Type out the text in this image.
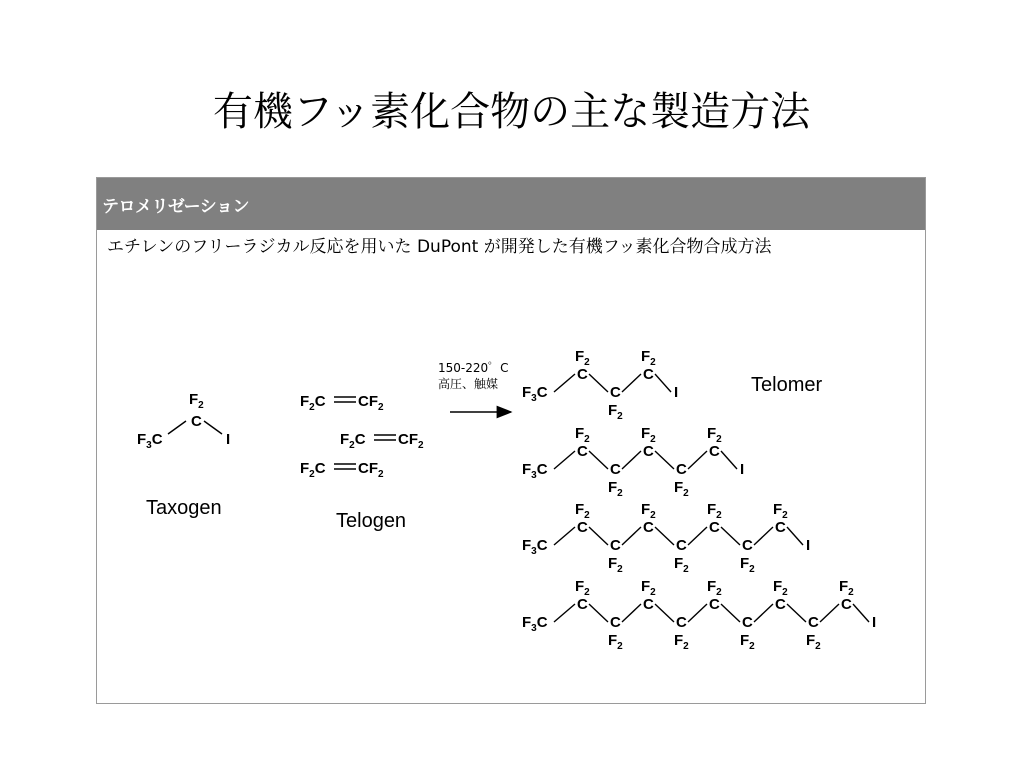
有機フッ素化合物の主な製造方法
テロメリゼーション
エチレンのフリーラジカル反応を用いた DuPont が開発した有機フッ素化合物合成方法
Taxogen
Telogen
Telomer
150-220゜C
高圧、触媒
$F_2$
C
$F_3C$	I
$F_2C$ $CF_2$
$F_2C$ $CF_2$
$F_2C$ $CF_2$
$F_3C$
C
$F_2$
C
$F_2$
C
$F_2$
I
$F_3C$
C
$F_2$
C
$F_2$
C
$F_2$
C
$F_2$
C
$F_2$
I
$F_3C$
C
$F_2$
C
$F_2$
C
$F_2$
C
$F_2$
C
$F_2$
C
$F_2$
C
$F_2$
I
$F_3C$
C
$F_2$
C
$F_2$
C
$F_2$
C
$F_2$
C
$F_2$
C
$F_2$
C
$F_2$
C
$F_2$
C
$F_2$
I
